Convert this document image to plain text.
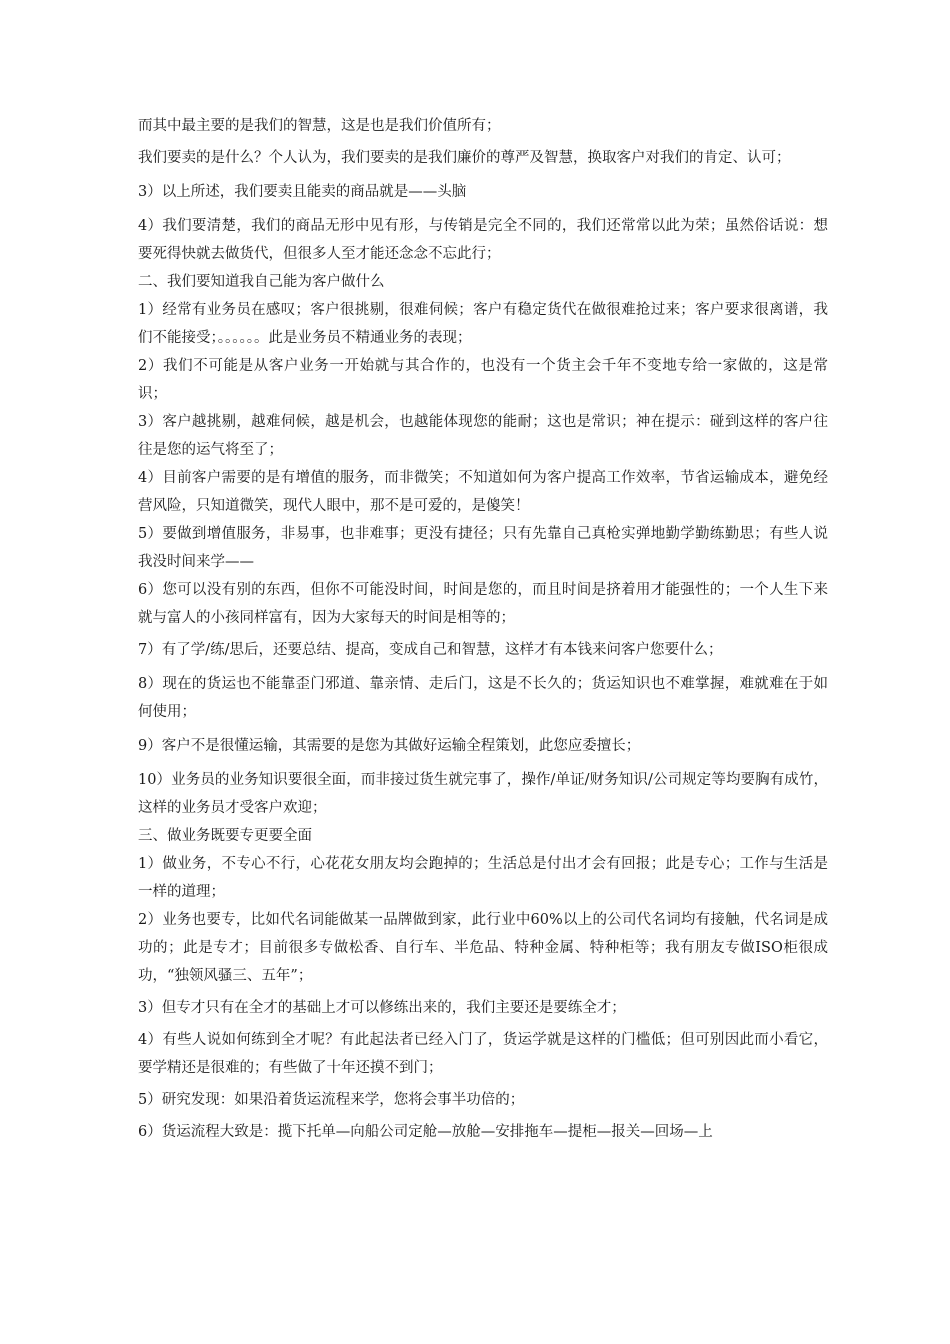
而其中最主要的是我们的智慧，这是也是我们价值所有；

我们要卖的是什么？个人认为，我们要卖的是我们廉价的尊严及智慧，换取客户对我们的肯定、认可；

3）以上所述，我们要卖且能卖的商品就是——头脑

4）我们要清楚，我们的商品无形中见有形，与传销是完全不同的，我们还常常以此为荣；虽然俗话说：想要死得快就去做货代，但很多人至才能还念念不忘此行；

二、我们要知道我自己能为客户做什么

1）经常有业务员在感叹；客户很挑剔，很难伺候；客户有稳定货代在做很难抢过来；客户要求很离谱，我们不能接受；。。。。。。此是业务员不精通业务的表现；

2）我们不可能是从客户业务一开始就与其合作的，也没有一个货主会千年不变地专给一家做的，这是常识；

3）客户越挑剔，越难伺候，越是机会，也越能体现您的能耐；这也是常识；神在提示：碰到这样的客户往往是您的运气将至了；

4）目前客户需要的是有增值的服务，而非微笑；不知道如何为客户提高工作效率，节省运输成本，避免经营风险，只知道微笑，现代人眼中，那不是可爱的，是傻笑！

5）要做到增值服务，非易事，也非难事；更没有捷径；只有先靠自己真枪实弹地勤学勤练勤思；有些人说我没时间来学——

6）您可以没有别的东西，但你不可能没时间，时间是您的，而且时间是挤着用才能强性的；一个人生下来就与富人的小孩同样富有，因为大家每天的时间是相等的；

7）有了学/练/思后，还要总结、提高，变成自己和智慧，这样才有本钱来问客户您要什么；

8）现在的货运也不能靠歪门邪道、靠亲情、走后门，这是不长久的；货运知识也不难掌握，难就难在于如何使用；

9）客户不是很懂运输，其需要的是您为其做好运输全程策划，此您应委擅长；

10）业务员的业务知识要很全面，而非接过货生就完事了，操作/单证/财务知识/公司规定等均要胸有成竹，这样的业务员才受客户欢迎；

三、做业务既要专更要全面

1）做业务，不专心不行，心花花女朋友均会跑掉的；生活总是付出才会有回报；此是专心；工作与生活是一样的道理；

2）业务也要专，比如代名词能做某一品牌做到家，此行业中60%以上的公司代名词均有接触，代名词是成功的；此是专才；目前很多专做松香、自行车、半危品、特种金属、特种柜等；我有朋友专做ISO柜很成功，“独领风骚三、五年”；

3）但专才只有在全才的基础上才可以修练出来的，我们主要还是要练全才；

4）有些人说如何练到全才呢？有此起法者已经入门了，货运学就是这样的门槛低；但可别因此而小看它，要学精还是很难的；有些做了十年还摸不到门；

5）研究发现：如果沿着货运流程来学，您将会事半功倍的；

6）货运流程大致是：揽下托单—向船公司定舱—放舱—安排拖车—提柜—报关—回场—上
